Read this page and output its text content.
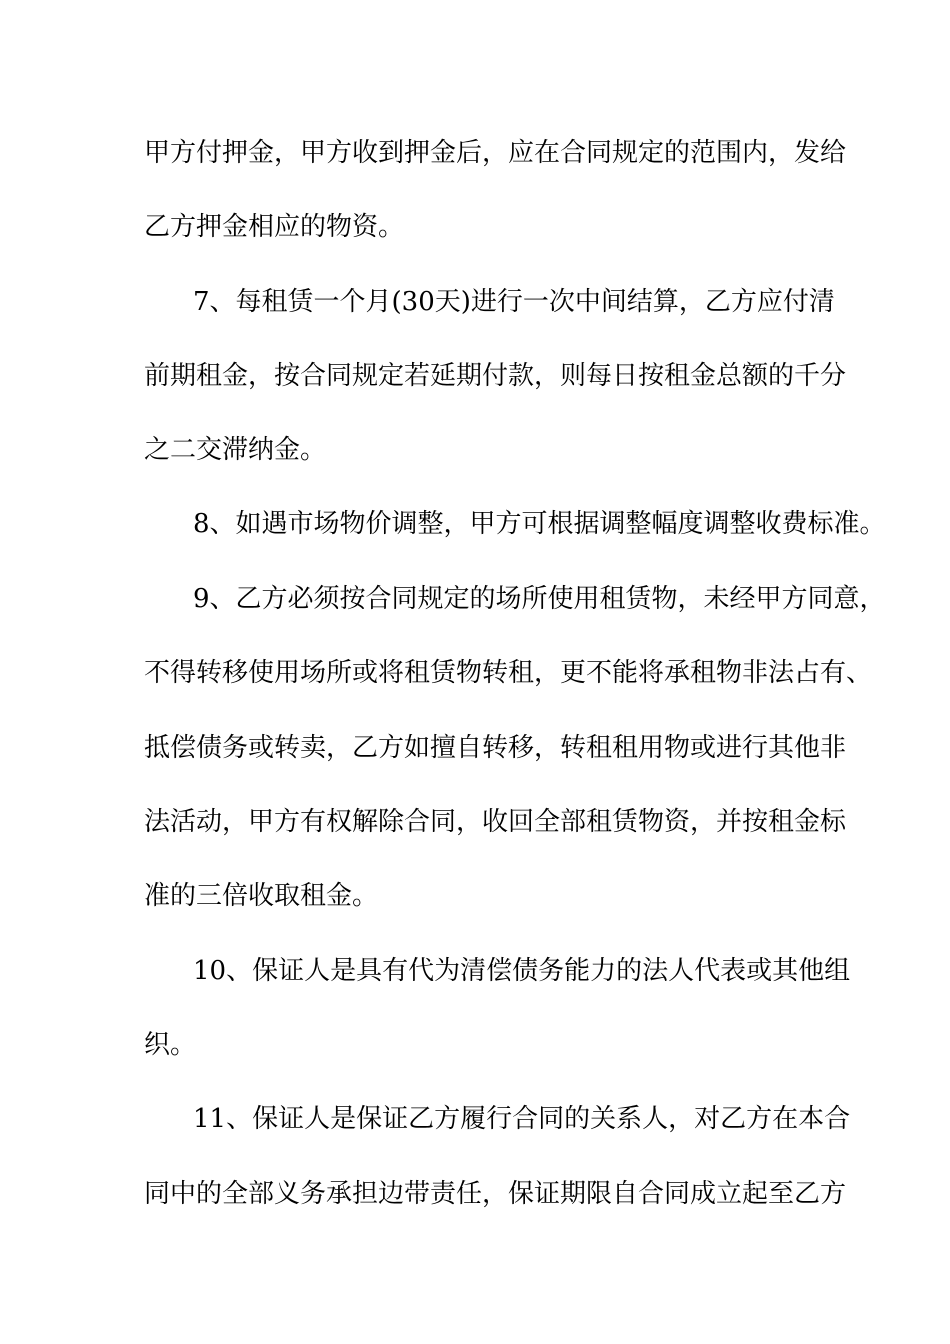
甲方付押金，甲方收到押金后，应在合同规定的范围内，发给
乙方押金相应的物资。
7、每租赁一个月(30天)进行一次中间结算，乙方应付清
前期租金，按合同规定若延期付款，则每日按租金总额的千分
之二交滞纳金。
8、如遇市场物价调整，甲方可根据调整幅度调整收费标准。
9、乙方必须按合同规定的场所使用租赁物，未经甲方同意，
不得转移使用场所或将租赁物转租，更不能将承租物非法占有、
抵偿债务或转卖，乙方如擅自转移，转租租用物或进行其他非
法活动，甲方有权解除合同，收回全部租赁物资，并按租金标
准的三倍收取租金。
10、保证人是具有代为清偿债务能力的法人代表或其他组
织。
11、保证人是保证乙方履行合同的关系人，对乙方在本合
同中的全部义务承担边带责任，保证期限自合同成立起至乙方
